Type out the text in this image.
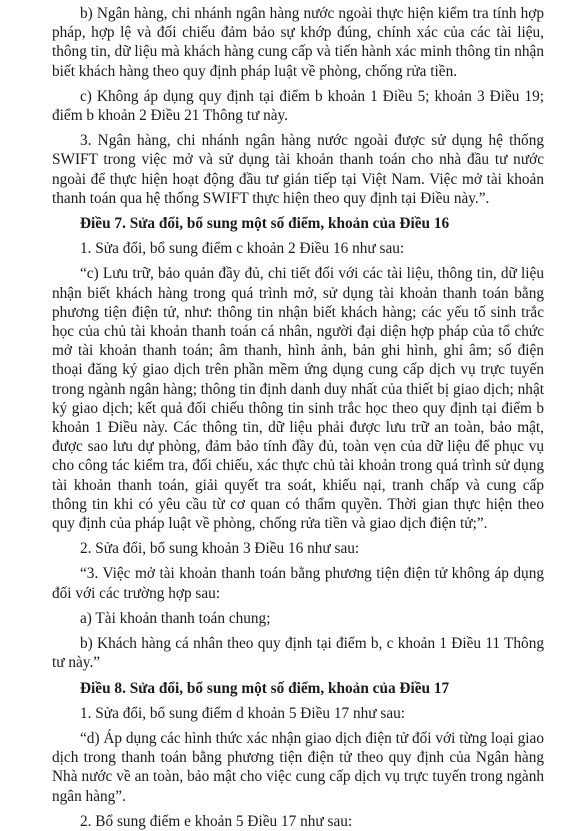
b) Ngân hàng, chi nhánh ngân hàng nước ngoài thực hiện kiểm tra tính hợp pháp, hợp lệ và đối chiếu đảm bảo sự khớp đúng, chính xác của các tài liệu, thông tin, dữ liệu mà khách hàng cung cấp và tiến hành xác minh thông tin nhận biết khách hàng theo quy định pháp luật về phòng, chống rửa tiền.

c) Không áp dụng quy định tại điểm b khoản 1 Điều 5; khoản 3 Điều 19; điểm b khoản 2 Điều 21 Thông tư này.

3. Ngân hàng, chi nhánh ngân hàng nước ngoài được sử dụng hệ thống SWIFT trong việc mở và sử dụng tài khoản thanh toán cho nhà đầu tư nước ngoài để thực hiện hoạt động đầu tư gián tiếp tại Việt Nam. Việc mở tài khoản thanh toán qua hệ thống SWIFT thực hiện theo quy định tại Điều này.”.

Điều 7. Sửa đổi, bổ sung một số điểm, khoản của Điều 16

1. Sửa đổi, bổ sung điểm c khoản 2 Điều 16 như sau:

“c) Lưu trữ, bảo quản đầy đủ, chi tiết đối với các tài liệu, thông tin, dữ liệu nhận biết khách hàng trong quá trình mở, sử dụng tài khoản thanh toán bằng phương tiện điện tử, như: thông tin nhận biết khách hàng; các yếu tố sinh trắc học của chủ tài khoản thanh toán cá nhân, người đại diện hợp pháp của tổ chức mở tài khoản thanh toán; âm thanh, hình ảnh, bản ghi hình, ghi âm; số điện thoại đăng ký giao dịch trên phần mềm ứng dụng cung cấp dịch vụ trực tuyến trong ngành ngân hàng; thông tin định danh duy nhất của thiết bị giao dịch; nhật ký giao dịch; kết quả đối chiếu thông tin sinh trắc học theo quy định tại điểm b khoản 1 Điều này. Các thông tin, dữ liệu phải được lưu trữ an toàn, bảo mật, được sao lưu dự phòng, đảm bảo tính đầy đủ, toàn vẹn của dữ liệu để phục vụ cho công tác kiểm tra, đối chiếu, xác thực chủ tài khoản trong quá trình sử dụng tài khoản thanh toán, giải quyết tra soát, khiếu nại, tranh chấp và cung cấp thông tin khi có yêu cầu từ cơ quan có thẩm quyền. Thời gian thực hiện theo quy định của pháp luật về phòng, chống rửa tiền và giao dịch điện tử;”.

2. Sửa đổi, bổ sung khoản 3 Điều 16 như sau:

“3. Việc mở tài khoản thanh toán bằng phương tiện điện tử không áp dụng đối với các trường hợp sau:

a) Tài khoản thanh toán chung;

b) Khách hàng cá nhân theo quy định tại điểm b, c khoản 1 Điều 11 Thông tư này.”

Điều 8. Sửa đổi, bổ sung một số điểm, khoản của Điều 17

1. Sửa đổi, bổ sung điểm d khoản 5 Điều 17 như sau:

“d) Áp dụng các hình thức xác nhận giao dịch điện tử đối với từng loại giao dịch trong thanh toán bằng phương tiện điện tử theo quy định của Ngân hàng Nhà nước về an toàn, bảo mật cho việc cung cấp dịch vụ trực tuyến trong ngành ngân hàng”.

2. Bổ sung điểm e khoản 5 Điều 17 như sau:
